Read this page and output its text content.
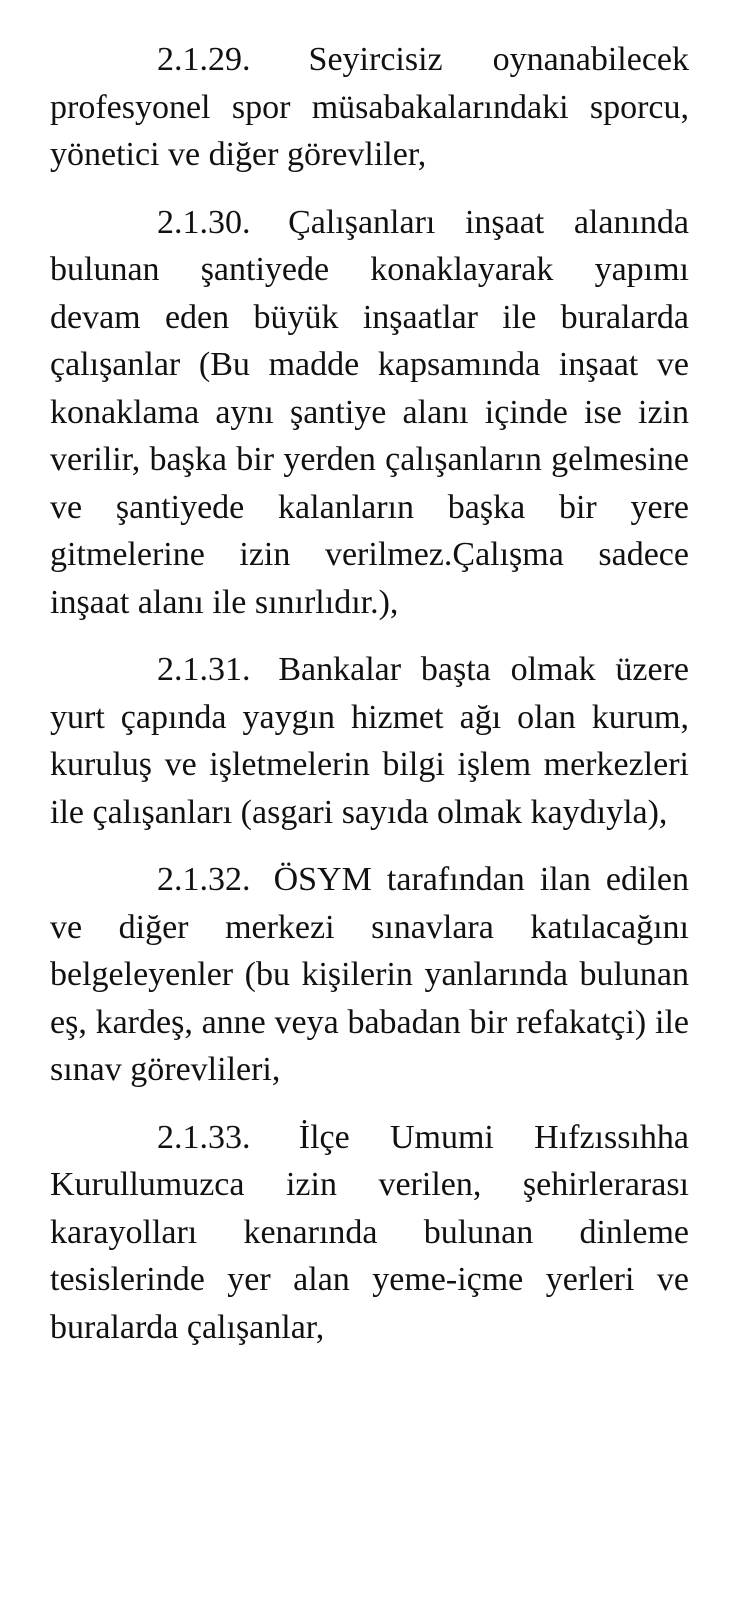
2.1.29. Seyircisiz oynanabilecek profesyonel spor müsabakalarındaki sporcu, yönetici ve diğer görevliler,

2.1.30. Çalışanları inşaat alanında bulunan şantiyede konaklayarak yapımı devam eden büyük inşaatlar ile buralarda çalışanlar (Bu madde kapsamında inşaat ve konaklama aynı şantiye alanı içinde ise izin verilir, başka bir yerden çalışanların gelmesine ve şantiyede kalanların başka bir yere gitmelerine izin verilmez.Çalışma sadece inşaat alanı ile sınırlıdır.),

2.1.31. Bankalar başta olmak üzere yurt çapında yaygın hizmet ağı olan kurum, kuruluş ve işletmelerin bilgi işlem merkezleri ile çalışanları (asgari sayıda olmak kaydıyla),

2.1.32. ÖSYM tarafından ilan edilen ve diğer merkezi sınavlara katılacağını belgeleyenler (bu kişilerin yanlarında bulunan eş, kardeş, anne veya babadan bir refakatçi) ile sınav görevlileri,

2.1.33. İlçe Umumi Hıfzıssıhha Kurullumuzca izin verilen, şehirlerarası karayolları kenarında bulunan dinleme tesislerinde yer alan yeme-içme yerleri ve buralarda çalışanlar,
